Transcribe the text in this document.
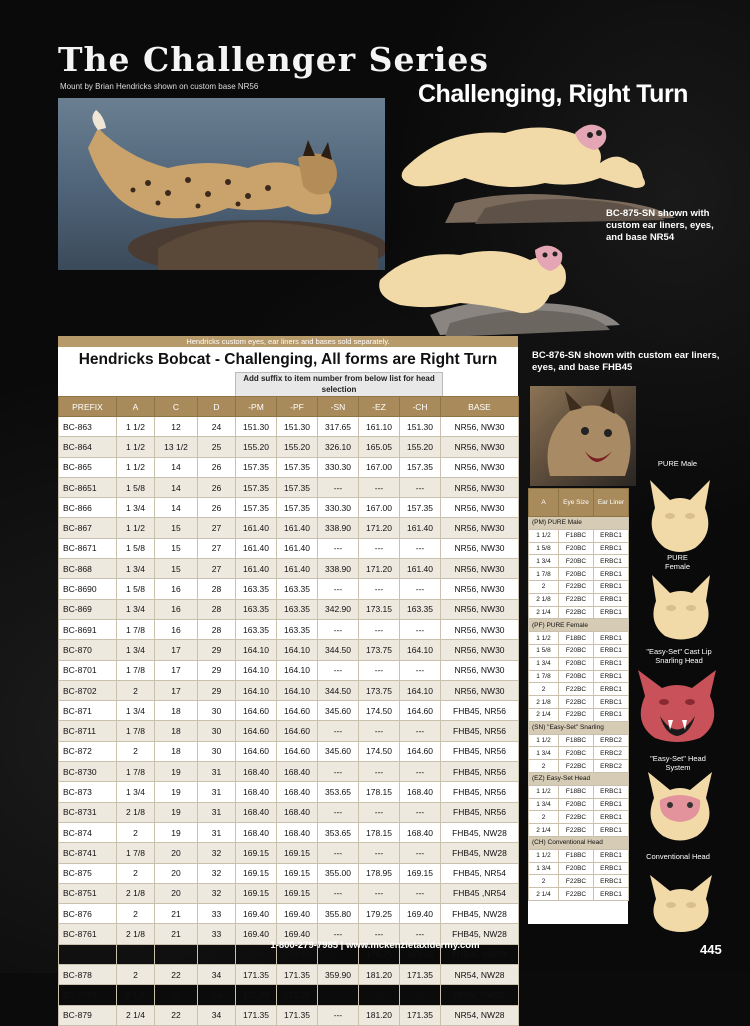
The Challenger Series
Mount by Brian Hendricks shown on custom base NR56	Challenging, Right Turn
BC-875-SN shown with custom ear liners, eyes, and base NR54
BC-876-SN shown with custom ear liners, eyes, and base FHB45
Hendricks custom eyes, ear liners and bases sold separately.
Hendricks Bobcat - Challenging, All forms are Right Turn
Add suffix to item number from below list for head selection
PREFIX	A	C	D	-PM	-PF	-SN	-EZ	-CH	BASE
BC-863	1 1/2	12	24	151.30	151.30	317.65	161.10	151.30	NR56, NW30
BC-864	1 1/2	13 1/2	25	155.20	155.20	326.10	165.05	155.20	NR56, NW30
BC-865	1 1/2	14	26	157.35	157.35	330.30	167.00	157.35	NR56, NW30
BC-8651	1 5/8	14	26	157.35	157.35	---	---	---	NR56, NW30
BC-866	1 3/4	14	26	157.35	157.35	330.30	167.00	157.35	NR56, NW30
BC-867	1 1/2	15	27	161.40	161.40	338.90	171.20	161.40	NR56, NW30
BC-8671	1 5/8	15	27	161.40	161.40	---	---	---	NR56, NW30
BC-868	1 3/4	15	27	161.40	161.40	338.90	171.20	161.40	NR56, NW30
BC-8690	1 5/8	16	28	163.35	163.35	---	---	---	NR56, NW30
BC-869	1 3/4	16	28	163.35	163.35	342.90	173.15	163.35	NR56, NW30
BC-8691	1 7/8	16	28	163.35	163.35	---	---	---	NR56, NW30
BC-870	1 3/4	17	29	164.10	164.10	344.50	173.75	164.10	NR56, NW30
BC-8701	1 7/8	17	29	164.10	164.10	---	---	---	NR56, NW30
BC-8702	2	17	29	164.10	164.10	344.50	173.75	164.10	NR56, NW30
BC-871	1 3/4	18	30	164.60	164.60	345.60	174.50	164.60	FHB45, NR56
BC-8711	1 7/8	18	30	164.60	164.60	---	---	---	FHB45, NR56
BC-872	2	18	30	164.60	164.60	345.60	174.50	164.60	FHB45, NR56
BC-8730	1 7/8	19	31	168.40	168.40	---	---	---	FHB45, NR56
BC-873	1 3/4	19	31	168.40	168.40	353.65	178.15	168.40	FHB45, NR56
BC-8731	2 1/8	19	31	168.40	168.40	---	---	---	FHB45, NR56
BC-874	2	19	31	168.40	168.40	353.65	178.15	168.40	FHB45, NW28
BC-8741	1 7/8	20	32	169.15	169.15	---	---	---	FHB45, NW28
BC-875	2	20	32	169.15	169.15	355.00	178.95	169.15	FHB45, NR54
BC-8751	2 1/8	20	32	169.15	169.15	---	---	---	FHB45 ,NR54
BC-876	2	21	33	169.40	169.40	355.80	179.25	169.40	FHB45, NW28
BC-8761	2 1/8	21	33	169.40	169.40	---	---	---	FHB45, NW28
BC-877	2 1/4	21	33	169.40	169.40	---	179.25	169.40	FHB45, NW28
BC-878	2	22	34	171.35	171.35	359.90	181.20	171.35	NR54, NW28
BC-8781	2 1/8	22	34	171.35	171.35	---	---	---	NR54, NW28
BC-879	2 1/4	22	34	171.35	171.35	---	181.20	171.35	NR54, NW28
A	Eye Size	Ear Liner
(PM) PURE Male		
1 1/2	F18BC	ERBC1
1 5/8	F20BC	ERBC1
1 3/4	F20BC	ERBC1
1 7/8	F20BC	ERBC1
2	F22BC	ERBC1
2 1/8	F22BC	ERBC1
2 1/4	F22BC	ERBC1
(PF) PURE Female		
1 1/2	F18BC	ERBC1
1 5/8	F20BC	ERBC1
1 3/4	F20BC	ERBC1
1 7/8	F20BC	ERBC1
2	F22BC	ERBC1
2 1/8	F22BC	ERBC1
2 1/4	F22BC	ERBC1
(SN) "Easy-Set" Snarling		
1 1/2	F18BC	ERBC2
1 3/4	F20BC	ERBC2
2	F22BC	ERBC2
(EZ) Easy-Set Head		
1 1/2	F18BC	ERBC1
1 3/4	F20BC	ERBC1
2	F22BC	ERBC1
2 1/4	F22BC	ERBC1
(CH) Conventional Head		
1 1/2	F18BC	ERBC1
1 3/4	F20BC	ERBC1
2	F22BC	ERBC1
2 1/4	F22BC	ERBC1
PURE Male
PURE Female
"Easy-Set" Cast Lip Snarling Head
"Easy-Set" Head System
Conventional Head
1-800-279-7985 | www.mckenzietaxidermy.com	445
